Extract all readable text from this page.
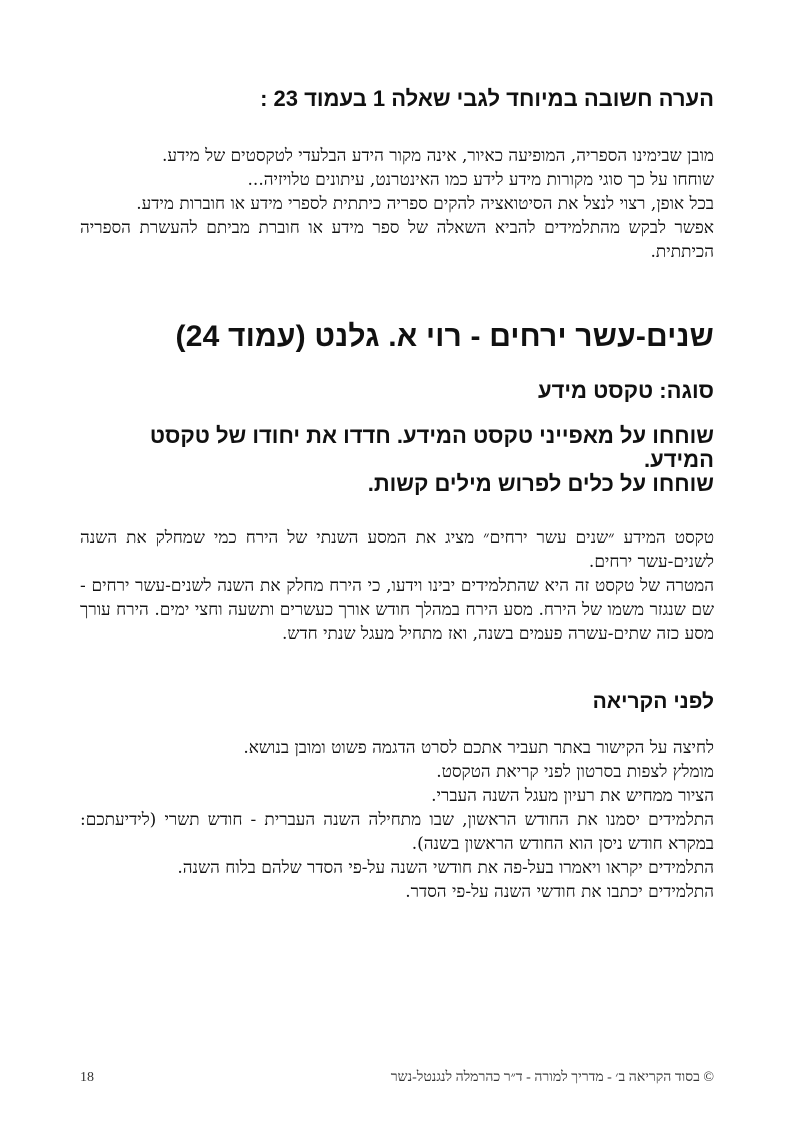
הערה חשובה במיוחד לגבי שאלה 1 בעמוד 23 :

מובן שבימינו הספריה, המופיעה כאיור, אינה מקור הידע הבלעדי לטקסטים של מידע.

שוחחו על כך סוגי מקורות מידע לידע כמו האינטרנט, עיתונים טלויזיה...

בכל אופן, רצוי לנצל את הסיטואציה להקים ספריה כיתתית לספרי מידע או חוברות מידע.

אפשר לבקש מהתלמידים להביא השאלה של ספר מידע או חוברת מביתם להעשרת הספריה הכיתתית.

שנים-עשר ירחים - רוי א. גלנט (עמוד 24)
סוגה: טקסט מידע

שוחחו על מאפייני טקסט המידע. חדדו את יחודו של טקסט המידע.

שוחחו על כלים לפרוש מילים קשות.

טקסט המידע ״שנים עשר ירחים״ מציג את המסע השנתי של הירח כמי שמחלק את השנה לשנים-עשר ירחים.

המטרה של טקסט זה היא שהתלמידים יבינו וידעו, כי הירח מחלק את השנה לשנים-עשר ירחים - שם שנגזר משמו של הירח. מסע הירח במהלך חודש אורך כעשרים ותשעה וחצי ימים. הירח עורך מסע כזה שתים-עשרה פעמים בשנה, ואז מתחיל מעגל שנתי חדש.

לפני הקריאה

לחיצה על הקישור באתר תעביר אתכם לסרט הדגמה פשוט ומובן בנושא.

מומלץ לצפות בסרטון לפני קריאת הטקסט.

הציור ממחיש את רעיון מעגל השנה העברי.

התלמידים יסמנו את החודש הראשון, שבו מתחילה השנה העברית - חודש תשרי (לידיעתכם: במקרא חודש ניסן הוא החודש הראשון בשנה).

התלמידים יקראו ויאמרו בעל-פה את חודשי השנה על-פי הסדר שלהם בלוח השנה.

התלמידים יכתבו את חודשי השנה על-פי הסדר.

© בסוד הקריאה ב׳ - מדריך למורה - ד״ר כהרמלה לנגנטל-נשר
18
